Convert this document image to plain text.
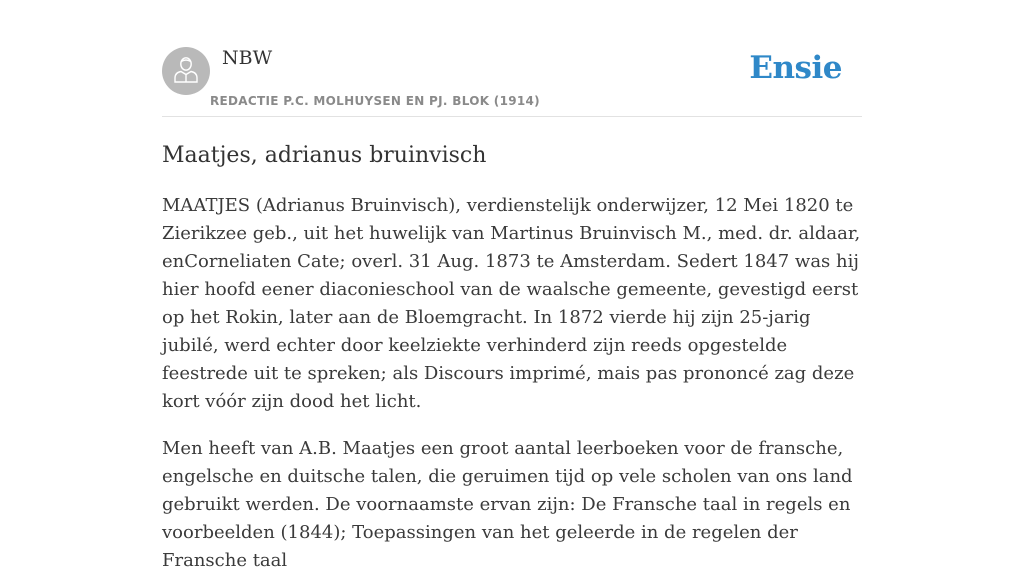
NBW
REDACTIE P.C. MOLHUYSEN EN PJ. BLOK (1914)
Ensie
Maatjes, adrianus bruinvisch

MAATJES (Adrianus Bruinvisch), verdienstelijk onderwijzer, 12 Mei 1820 te Zierikzee geb., uit het huwelijk van Martinus Bruinvisch M., med. dr. aldaar, enCorneliaten Cate; overl. 31 Aug. 1873 te Amsterdam. Sedert 1847 was hij hier hoofd eener diaconieschool van de waalsche gemeente, gevestigd eerst op het Rokin, later aan de Bloemgracht. In 1872 vierde hij zijn 25-jarig jubilé, werd echter door keelziekte verhinderd zijn reeds opgestelde feestrede uit te spreken; als Discours imprimé, mais pas prononcé zag deze kort vóór zijn dood het licht.

Men heeft van A.B. Maatjes een groot aantal leerboeken voor de fransche, engelsche en duitsche talen, die geruimen tijd op vele scholen van ons land gebruikt werden. De voornaamste ervan zijn: De Fransche taal in regels en voorbeelden (1844); Toepassingen van het geleerde in de regelen der Fransche taal
